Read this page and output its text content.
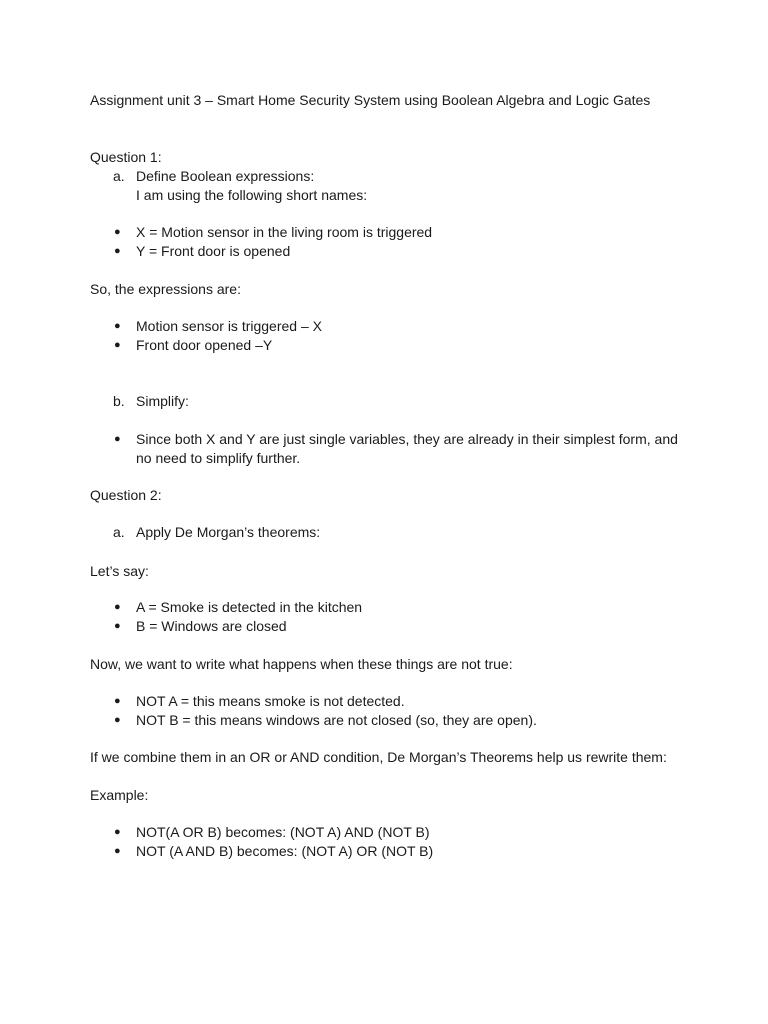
Assignment unit 3 – Smart Home Security System using Boolean Algebra and Logic Gates
Question 1:
a. Define Boolean expressions:
I am using the following short names:
● X = Motion sensor in the living room is triggered
● Y = Front door is opened
So, the expressions are:
● Motion sensor is triggered – X
● Front door opened –Y
b. Simplify:
● Since both X and Y are just single variables, they are already in their simplest form, and
no need to simplify further.
Question 2:
a. Apply De Morgan’s theorems:
Let’s say:
● A = Smoke is detected in the kitchen
● B = Windows are closed
Now, we want to write what happens when these things are not true:
● NOT A = this means smoke is not detected.
● NOT B = this means windows are not closed (so, they are open).
If we combine them in an OR or AND condition, De Morgan’s Theorems help us rewrite them:
Example:
● NOT(A OR B) becomes: (NOT A) AND (NOT B)
● NOT (A AND B) becomes: (NOT A) OR (NOT B)
